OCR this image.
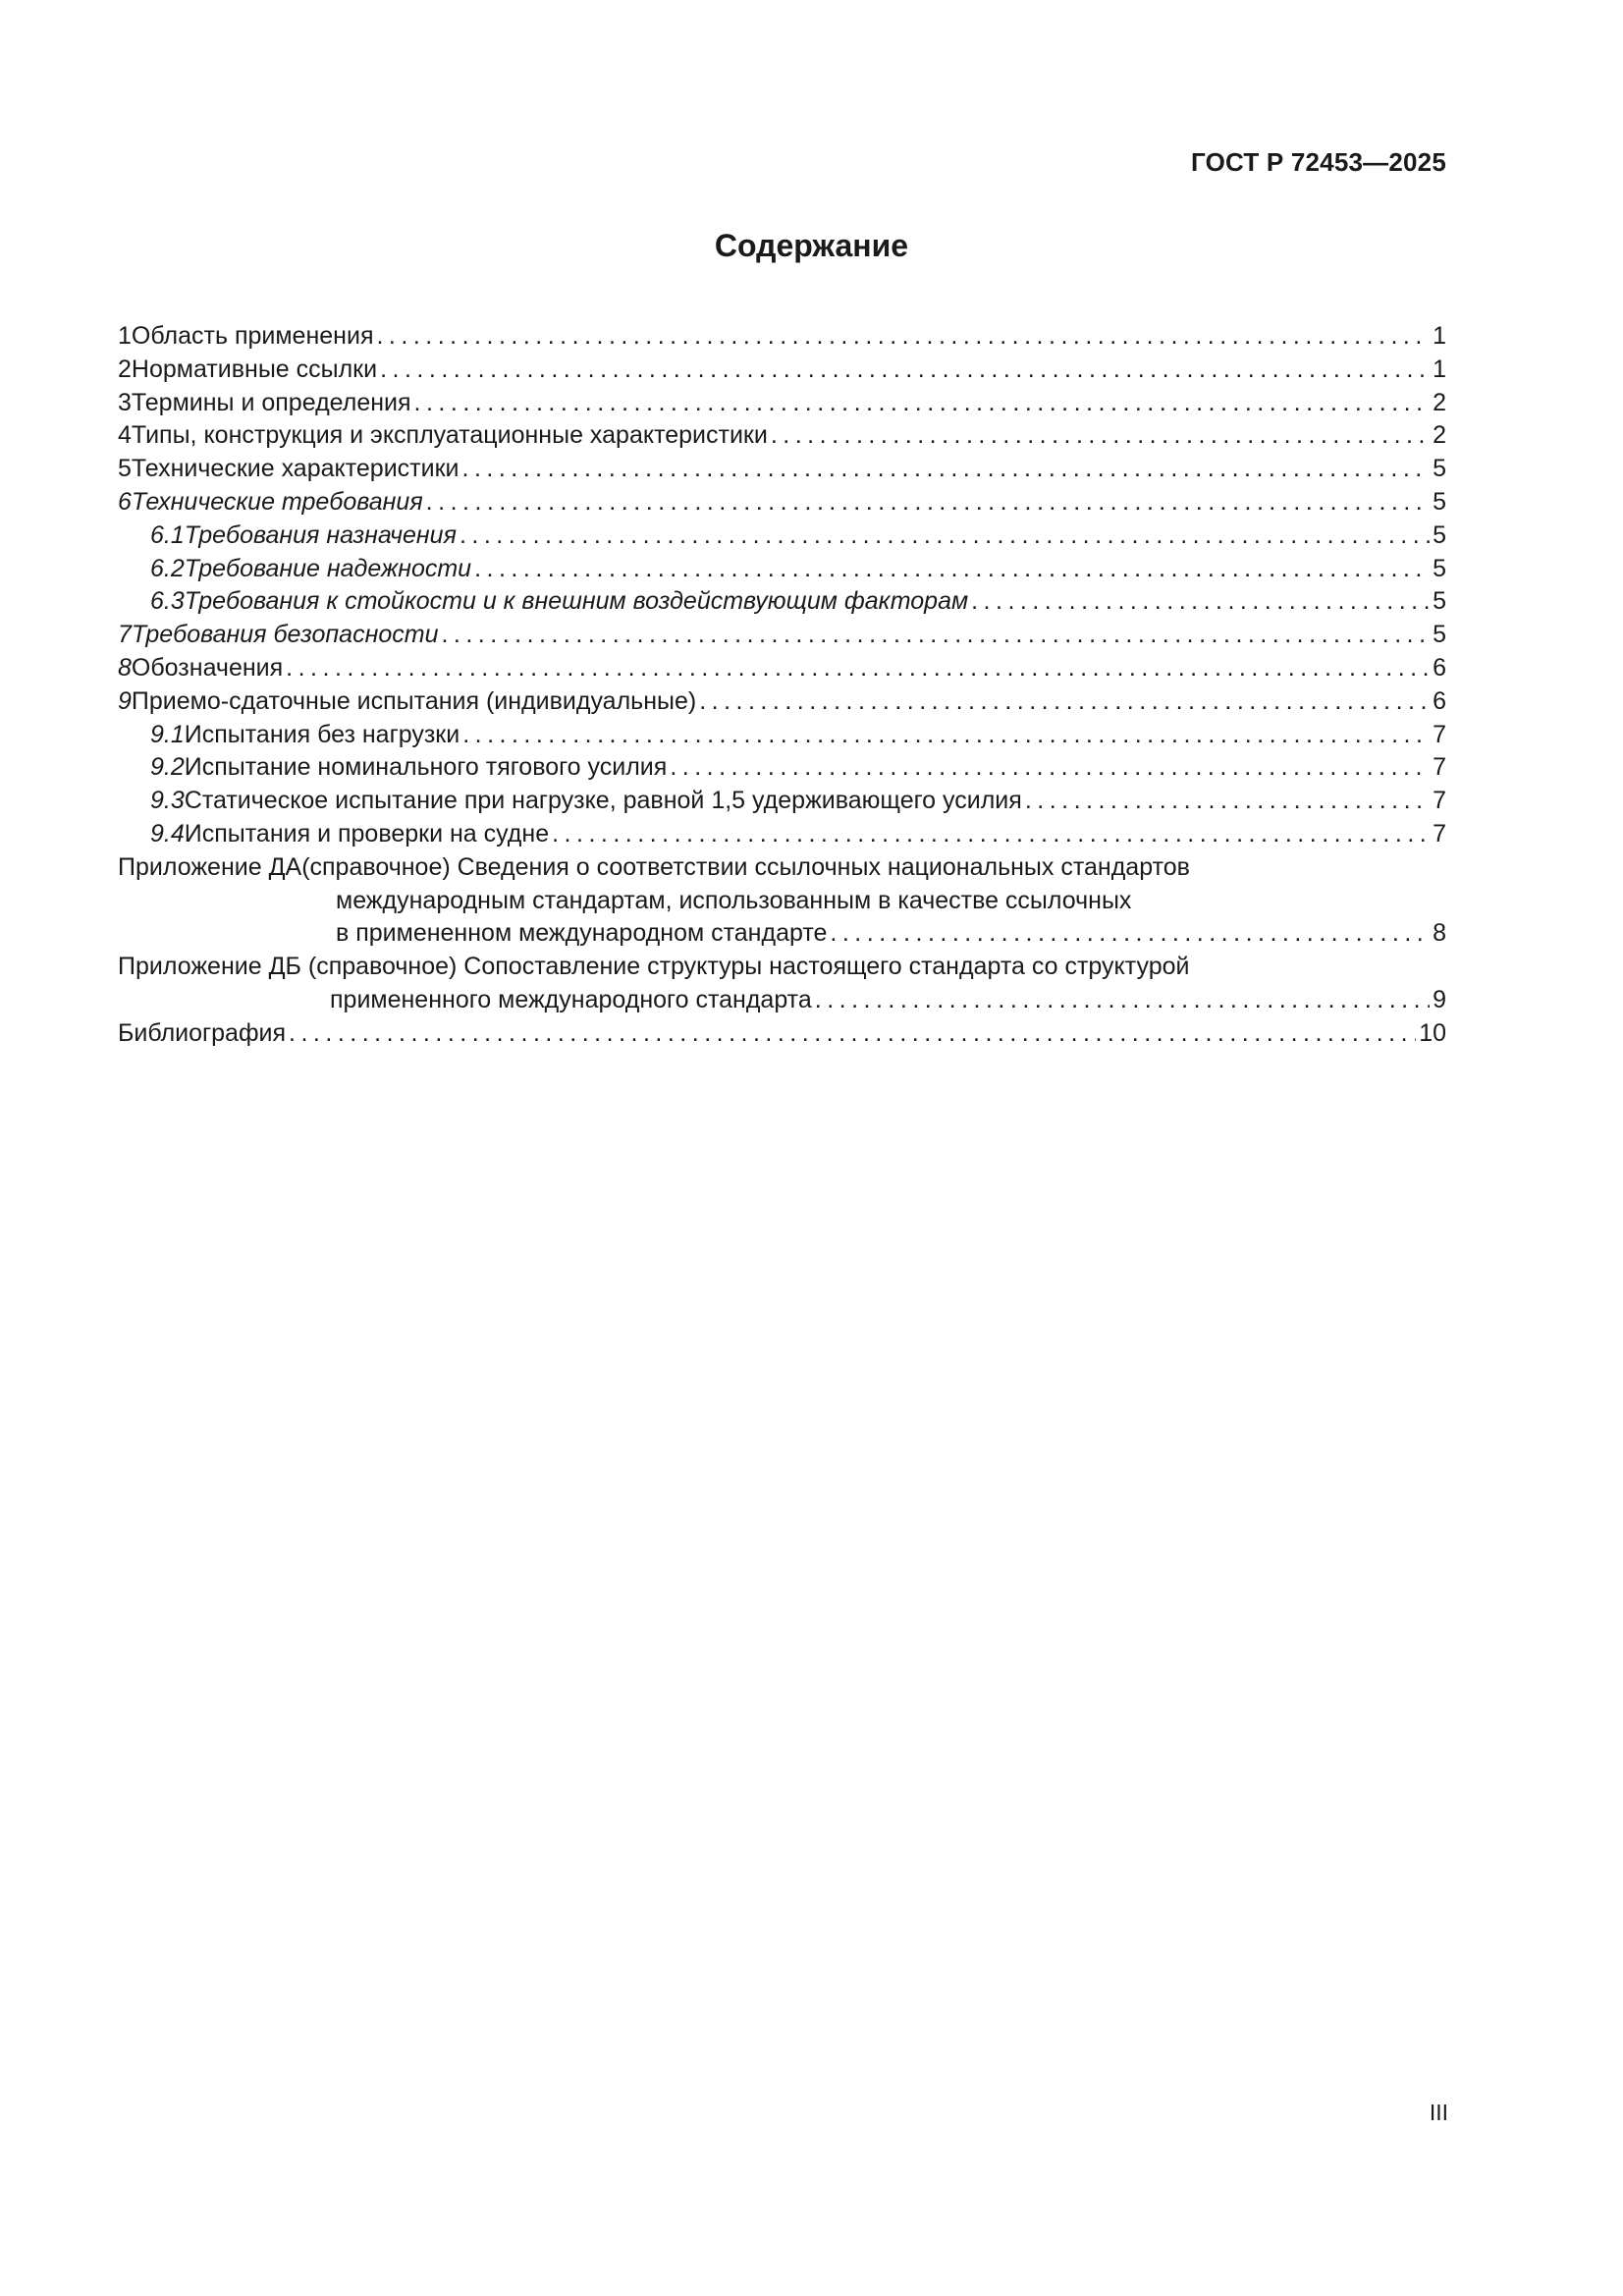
ГОСТ Р 72453—2025
Содержание
1 Область применения .....	1
2 Нормативные ссылки .....	1
3 Термины и определения .....	2
4 Типы, конструкция и эксплуатационные характеристики .....	2
5 Технические характеристики .....	5
6 Технические требования .....	5
6.1 Требования назначения .....	5
6.2 Требование надежности .....	5
6.3 Требования к стойкости и к внешним воздействующим факторам .....	5
7 Требования безопасности .....	5
8 Обозначения .....	6
9 Приемо-сдаточные испытания (индивидуальные) .....	6
9.1 Испытания без нагрузки .....	7
9.2 Испытание номинального тягового усилия .....	7
9.3 Статическое испытание при нагрузке, равной 1,5 удерживающего усилия .....	7
9.4 Испытания и проверки на судне .....	7
Приложение ДА (справочное) Сведения о соответствии ссылочных национальных стандартов
международным стандартам, использованным в качестве ссылочных
в примененном международном стандарте .....	8
Приложение ДБ
(справочное) Сопоставление структуры настоящего стандарта со структурой
примененного международного стандарта .....	9
Библиография .....	10
III
